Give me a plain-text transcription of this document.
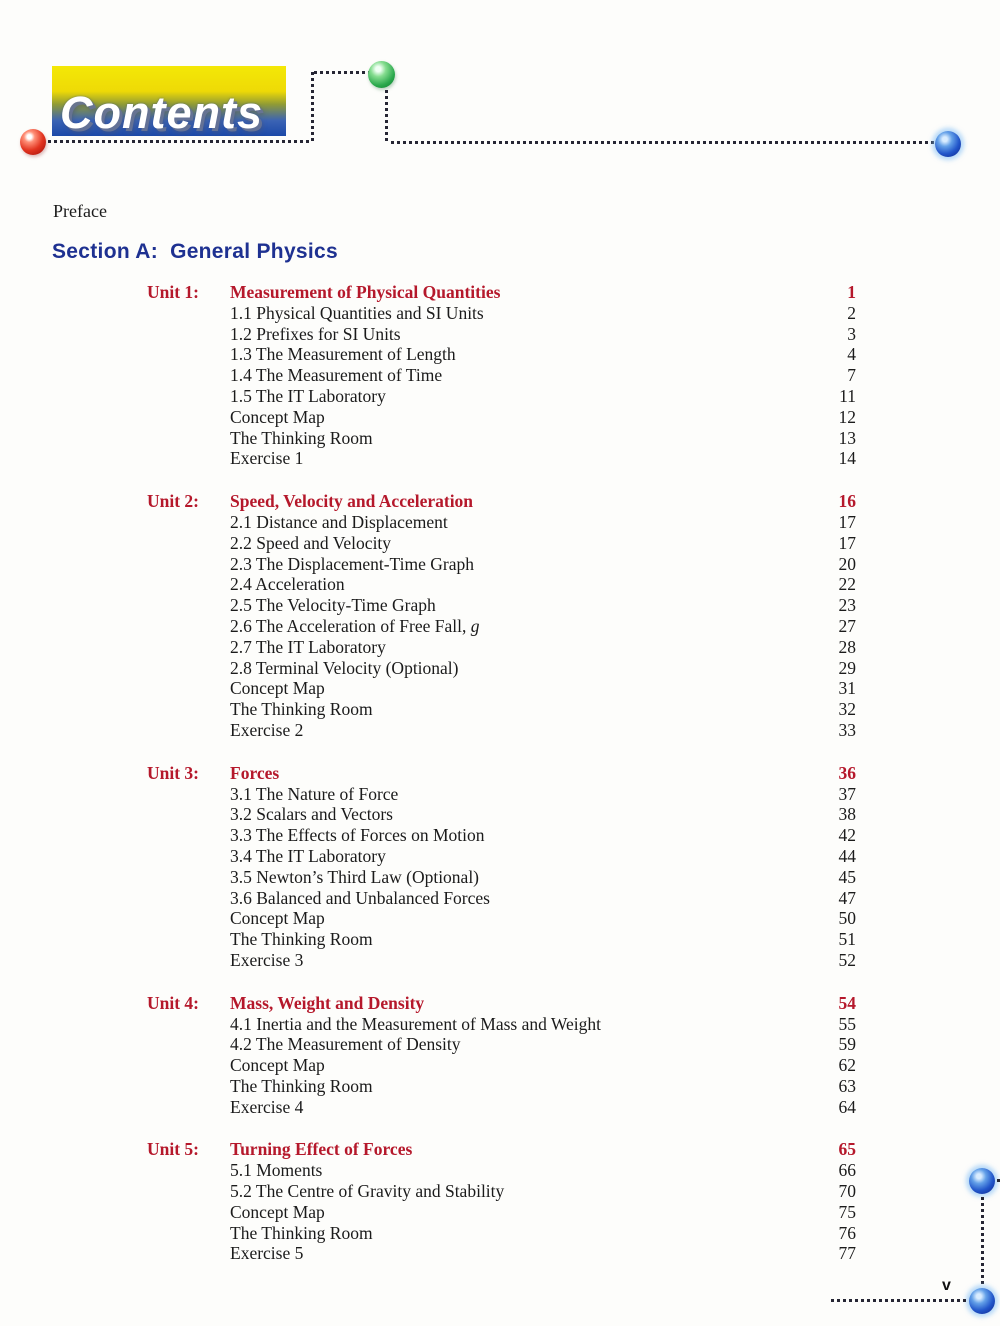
Contents
Preface
Section A: General Physics
Unit 1:	Measurement of Physical Quantities	1
1.1 Physical Quantities and SI Units	2
1.2 Prefixes for SI Units	3
1.3 The Measurement of Length	4
1.4 The Measurement of Time	7
1.5 The IT Laboratory	11
Concept Map	12
The Thinking Room	13
Exercise 1	14
Unit 2:	Speed, Velocity and Acceleration	16
2.1 Distance and Displacement	17
2.2 Speed and Velocity	17
2.3 The Displacement-Time Graph	20
2.4 Acceleration	22
2.5 The Velocity-Time Graph	23
2.6 The Acceleration of Free Fall, g	27
2.7 The IT Laboratory	28
2.8 Terminal Velocity (Optional)	29
Concept Map	31
The Thinking Room	32
Exercise 2	33
Unit 3:	Forces	36
3.1 The Nature of Force	37
3.2 Scalars and Vectors	38
3.3 The Effects of Forces on Motion	42
3.4 The IT Laboratory	44
3.5 Newton’s Third Law (Optional)	45
3.6 Balanced and Unbalanced Forces	47
Concept Map	50
The Thinking Room	51
Exercise 3	52
Unit 4:	Mass, Weight and Density	54
4.1 Inertia and the Measurement of Mass and Weight	55
4.2 The Measurement of Density	59
Concept Map	62
The Thinking Room	63
Exercise 4	64
Unit 5:	Turning Effect of Forces	65
5.1 Moments	66
5.2 The Centre of Gravity and Stability	70
Concept Map	75
The Thinking Room	76
Exercise 5	77
v
